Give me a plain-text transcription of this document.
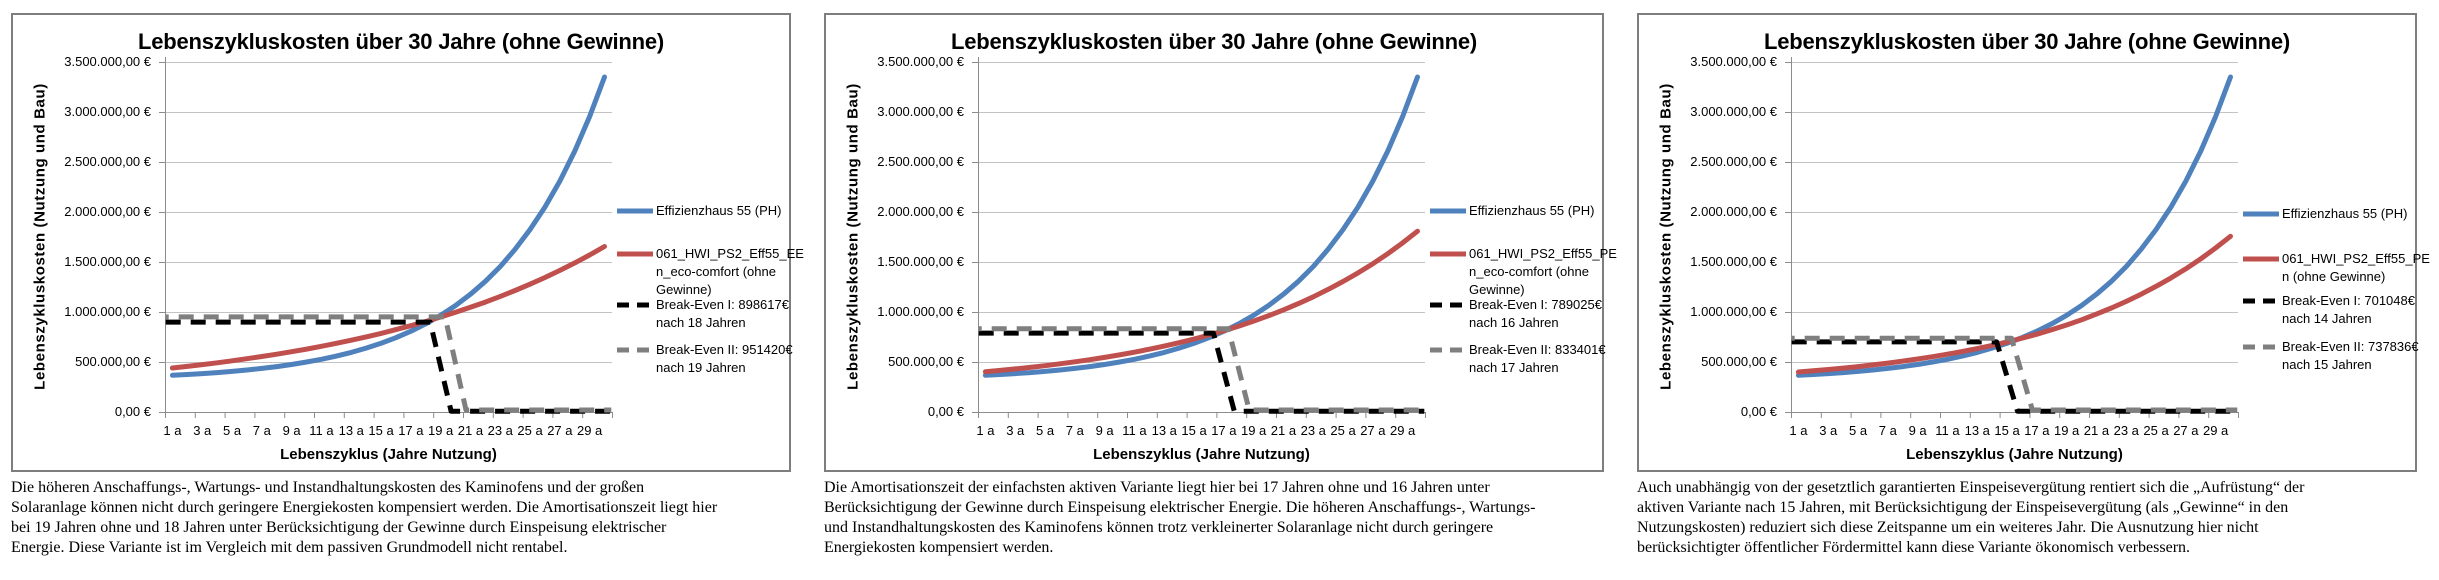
Lebenszykluskosten über 30 Jahre (ohne Gewinne)
Lebenszykluskosten (Nutzung und Bau)
3.500.000,00 €
3.000.000,00 €
2.500.000,00 €
2.000.000,00 €
1.500.000,00 €
1.000.000,00 €
500.000,00 €
0,00 €
1 a 3 a 5 a 7 a 9 a 11 a 13 a 15 a 17 a 19 a 21 a 23 a 25 a 27 a 29 a
Lebenszyklus (Jahre Nutzung)
Effizienzhaus 55 (PH)
061_HWI_PS2_Eff55_EE
n_eco-comfort (ohne
Gewinne)
Break-Even I: 898617€
nach 18 Jahren
Break-Even II: 951420€
nach 19 Jahren
Die höheren Anschaffungs-, Wartungs- und Instandhaltungskosten des Kaminofens und der großen
Solaranlage können nicht durch geringere Energiekosten kompensiert werden. Die Amortisationszeit liegt hier
bei 19 Jahren ohne und 18 Jahren unter Berücksichtigung der Gewinne durch Einspeisung elektrischer
Energie. Diese Variante ist im Vergleich mit dem passiven Grundmodell nicht rentabel.
Lebenszykluskosten über 30 Jahre (ohne Gewinne)
Lebenszykluskosten (Nutzung und Bau)
3.500.000,00 €
3.000.000,00 €
2.500.000,00 €
2.000.000,00 €
1.500.000,00 €
1.000.000,00 €
500.000,00 €
0,00 €
1 a 3 a 5 a 7 a 9 a 11 a 13 a 15 a 17 a 19 a 21 a 23 a 25 a 27 a 29 a
Lebenszyklus (Jahre Nutzung)
Effizienzhaus 55 (PH)
061_HWI_PS2_Eff55_PE
n_eco-comfort (ohne
Gewinne)
Break-Even I: 789025€
nach 16 Jahren
Break-Even II: 833401€
nach 17 Jahren
Die Amortisationszeit der einfachsten aktiven Variante liegt hier bei 17 Jahren ohne und 16 Jahren unter
Berücksichtigung der Gewinne durch Einspeisung elektrischer Energie. Die höheren Anschaffungs-, Wartungs-
und Instandhaltungskosten des Kaminofens können trotz verkleinerter Solaranlage nicht durch geringere
Energiekosten kompensiert werden.
Lebenszykluskosten über 30 Jahre (ohne Gewinne)
Lebenszykluskosten (Nutzung und Bau)
3.500.000,00 €
3.000.000,00 €
2.500.000,00 €
2.000.000,00 €
1.500.000,00 €
1.000.000,00 €
500.000,00 €
0,00 €
1 a 3 a 5 a 7 a 9 a 11 a 13 a 15 a 17 a 19 a 21 a 23 a 25 a 27 a 29 a
Lebenszyklus (Jahre Nutzung)
Effizienzhaus 55 (PH)
061_HWI_PS2_Eff55_PE
n (ohne Gewinne)
Break-Even I: 701048€
nach 14 Jahren
Break-Even II: 737836€
nach 15 Jahren
Auch unabhängig von der gesetztlich garantierten Einspeisevergütung rentiert sich die „Aufrüstung“ der
aktiven Variante nach 15 Jahren, mit Berücksichtigung der Einspeisevergütung (als „Gewinne“ in den
Nutzungskosten) reduziert sich diese Zeitspanne um ein weiteres Jahr. Die Ausnutzung hier nicht
berücksichtigter öffentlicher Fördermittel kann diese Variante ökonomisch verbessern.
